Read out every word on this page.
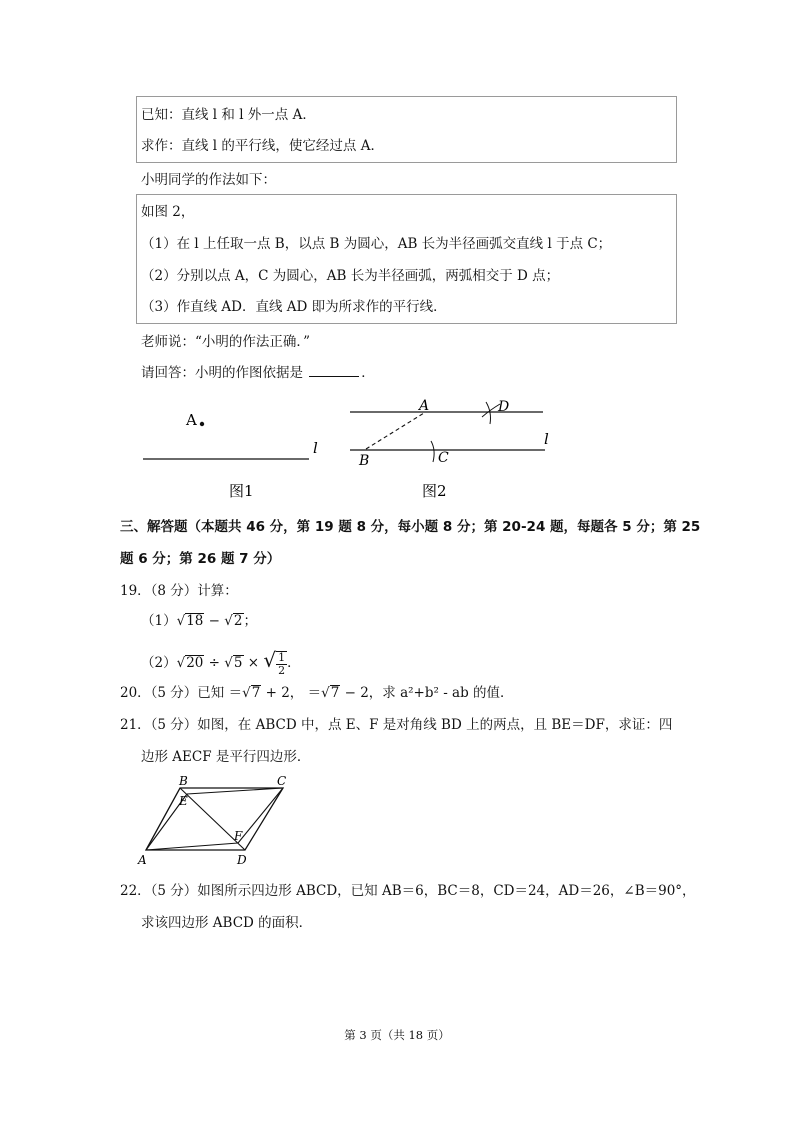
已知：直线 l 和 l 外一点 A．
求作：直线 l 的平行线，使它经过点 A．
小明同学的作法如下：
如图 2，
（1）在 l 上任取一点 B，以点 B 为圆心，AB 长为半径画弧交直线 l 于点 C；
（2）分别以点 A，C 为圆心，AB 长为半径画弧，两弧相交于 D 点；
（3）作直线 AD．直线 AD 即为所求作的平行线．
老师说：“小明的作法正确．”
请回答：小明的作图依据是	．
A
l
图1
A	D
l
B	C
图2
三、解答题（本题共 46 分，第 19 题 8 分，每小题 8 分；第 20-24 题，每题各 5 分；第 25
题 6 分；第 26 题 7 分）
19．（8 分）计算：
（1）√18 − √2；
（2）√20 ÷ √5 × √ $\frac{1}{2}$ ．
20．（5 分）已知 ＝√7 + 2， ＝√7 − 2，求 a²+b² - ab 的值．
21．（5 分）如图，在 ABCD 中，点 E、F 是对角线 BD 上的两点，且 BE＝DF，求证：四
边形 AECF 是平行四边形．
B	C
E
F
A	D
22．（5 分）如图所示四边形 ABCD，已知 AB＝6，BC＝8，CD＝24，AD＝26，∠B＝90°，
求该四边形 ABCD 的面积．
第 3 页（共 18 页）
